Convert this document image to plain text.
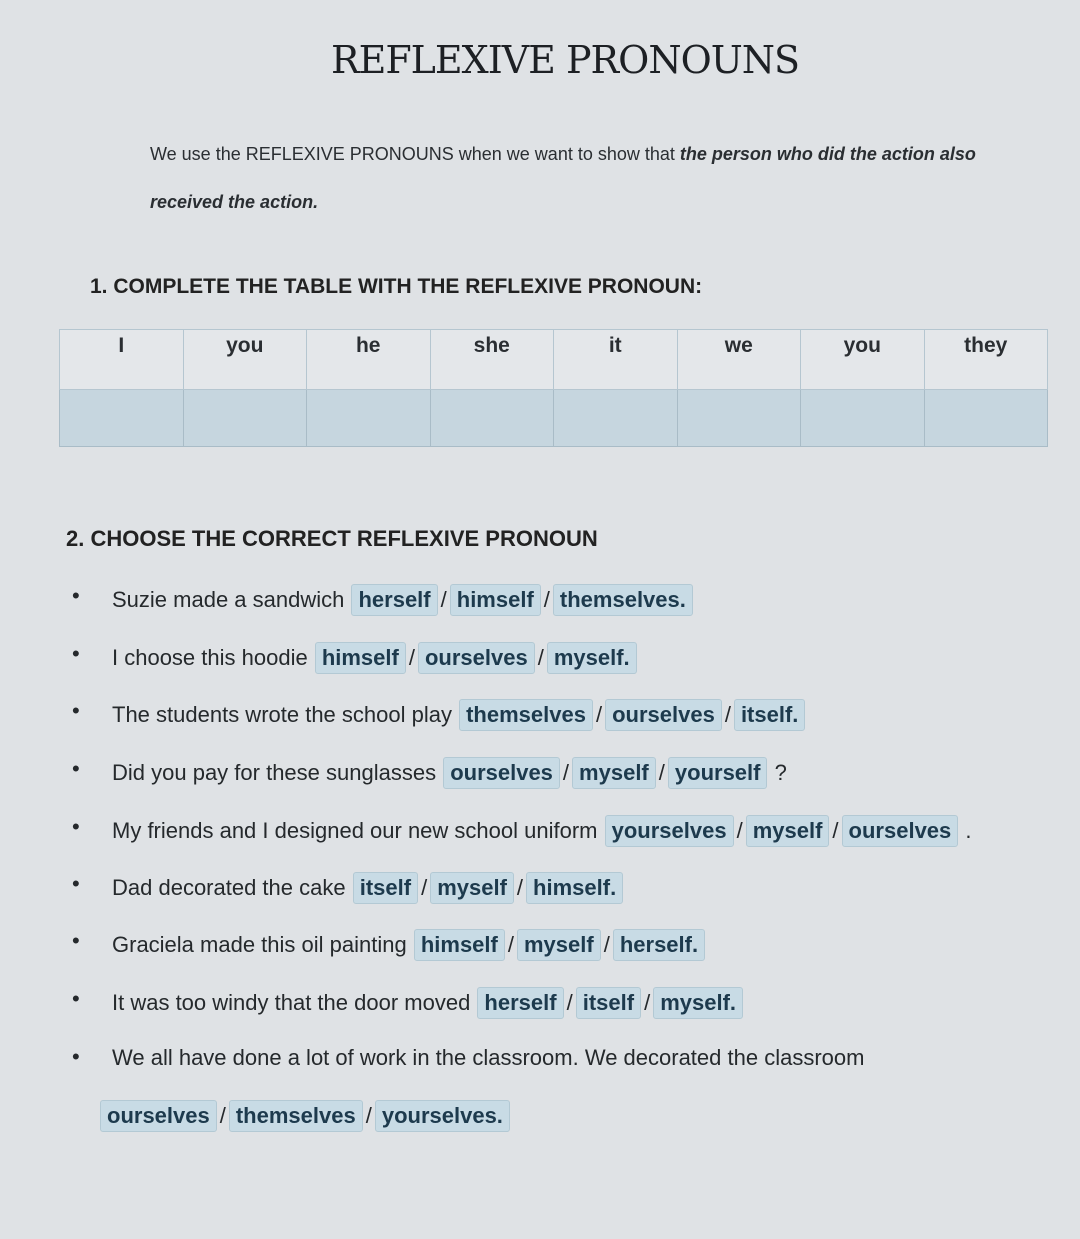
REFLEXIVE PRONOUNS
We use the REFLEXIVE PRONOUNS when we want to show that the person who did the action also received the action.
1. COMPLETE THE TABLE WITH THE REFLEXIVE PRONOUN:
I	you	he	she	it	we	you	they

2. CHOOSE THE CORRECT REFLEXIVE PRONOUN
• Suzie made a sandwich herself / himself / themselves.
• I choose this hoodie himself / ourselves / myself.
• The students wrote the school play themselves / ourselves / itself.
• Did you pay for these sunglasses ourselves / myself / yourself ?
• My friends and I designed our new school uniform yourselves / myself / ourselves .
• Dad decorated the cake itself / myself / himself.
• Graciela made this oil painting himself / myself / herself.
• It was too windy that the door moved herself / itself / myself.
• We all have done a lot of work in the classroom. We decorated the classroom
ourselves / themselves / yourselves.
